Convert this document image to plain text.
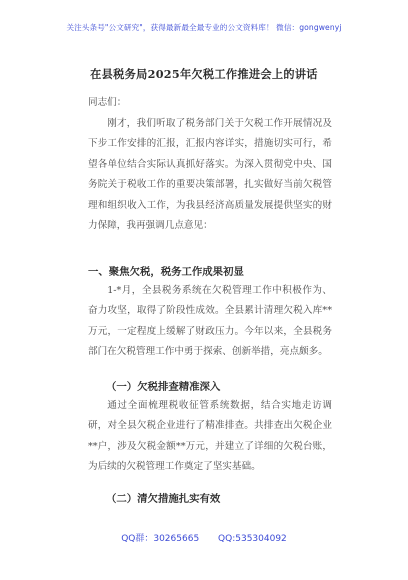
关注头条号"公文研究"，获得最新最全最专业的公文资料库！ 微信：gongwenyj
在县税务局2025年欠税工作推进会上的讲话
同志们：

刚才，我们听取了税务部门关于欠税工作开展情况及下步工作安排的汇报，汇报内容详实，措施切实可行，希望各单位结合实际认真抓好落实。为深入贯彻党中央、国务院关于税收工作的重要决策部署，扎实做好当前欠税管理和组织收入工作，为我县经济高质量发展提供坚实的财力保障，我再强调几点意见：

一、聚焦欠税，税务工作成果初显

1-*月，全县税务系统在欠税管理工作中积极作为、奋力攻坚，取得了阶段性成效。全县累计清理欠税入库**万元，一定程度上缓解了财政压力。今年以来，全县税务部门在欠税管理工作中勇于探索、创新举措，亮点颇多。

（一）欠税排查精准深入

通过全面梳理税收征管系统数据，结合实地走访调研，对全县欠税企业进行了精准排查。共排查出欠税企业**户，涉及欠税金额**万元，并建立了详细的欠税台账，为后续的欠税管理工作奠定了坚实基础。

（二）清欠措施扎实有效
QQ群：30265665 QQ:535304092
